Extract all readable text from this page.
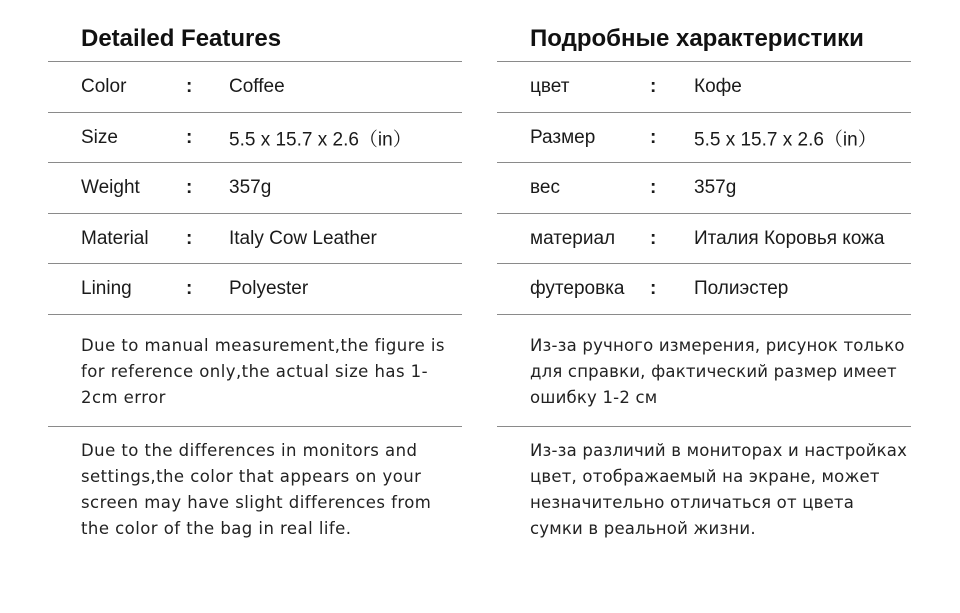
Detailed Features
Color	: Coffee
Size	: 5.5 x 15.7 x 2.6（in）
Weight : 357g
Material : Italy Cow Leather
Lining	: Polyester
Due to manual measurement,the figure is for reference only,the actual size has 1-2cm error
Due to the differences in monitors and settings,the color that appears on your screen may have slight differences from the color of the bag in real life.
Подробные характеристики
цвет	: Кофе
Размер	: 5.5 x 15.7 x 2.6（in）
вес	: 357g
материал : Италия Коровья кожа
футеровка : Полиэстер
Из-за ручного измерения, рисунок только для справки, фактический размер имеет ошибку 1-2 см
Из-за различий в мониторах и настройках цвет, отображаемый на экране, может незначительно отличаться от цвета сумки в реальной жизни.
